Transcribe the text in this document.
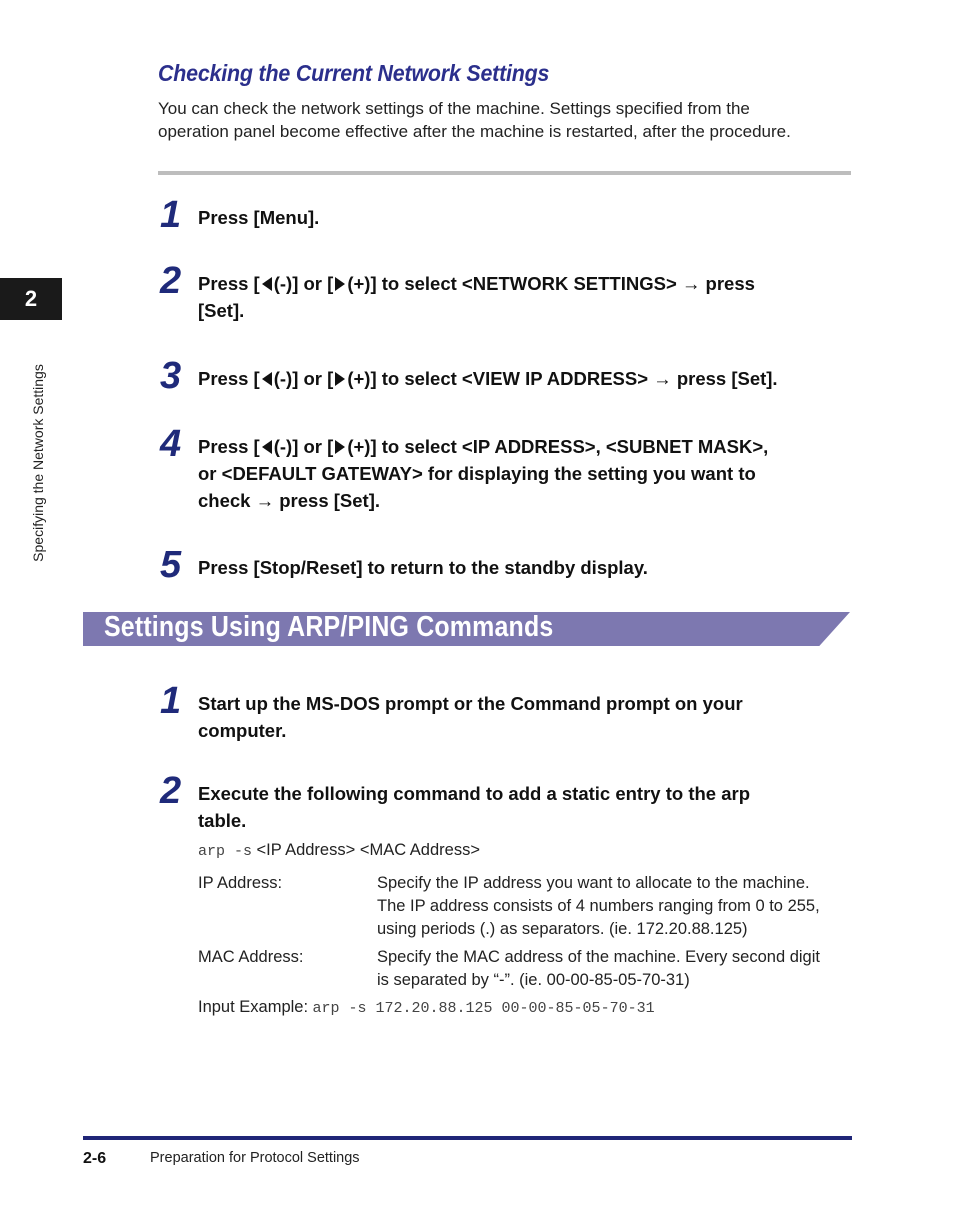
2
Specifying the Network Settings
Checking the Current Network Settings
You can check the network settings of the machine. Settings specified from the
operation panel become effective after the machine is restarted, after the procedure.
1 Press [Menu].
2 Press [ (-)] or [ (+)] to select <NETWORK SETTINGS> → press
[Set].
3 Press [ (-)] or [ (+)] to select <VIEW IP ADDRESS> → press [Set].
4 Press [ (-)] or [ (+)] to select <IP ADDRESS>, <SUBNET MASK>,
or <DEFAULT GATEWAY> for displaying the setting you want to
check → press [Set].
5 Press [Stop/Reset] to return to the standby display.
Settings Using ARP/PING Commands
1 Start up the MS-DOS prompt or the Command prompt on your
computer.
2 Execute the following command to add a static entry to the arp
table.
arp -s <IP Address> <MAC Address>
IP Address:	Specify the IP address you want to allocate to the machine.
The IP address consists of 4 numbers ranging from 0 to 255,
using periods (.) as separators. (ie. 172.20.88.125)
MAC Address:	Specify the MAC address of the machine. Every second digit
is separated by “-”. (ie. 00-00-85-05-70-31)
Input Example: arp -s 172.20.88.125 00-00-85-05-70-31
2-6	Preparation for Protocol Settings
